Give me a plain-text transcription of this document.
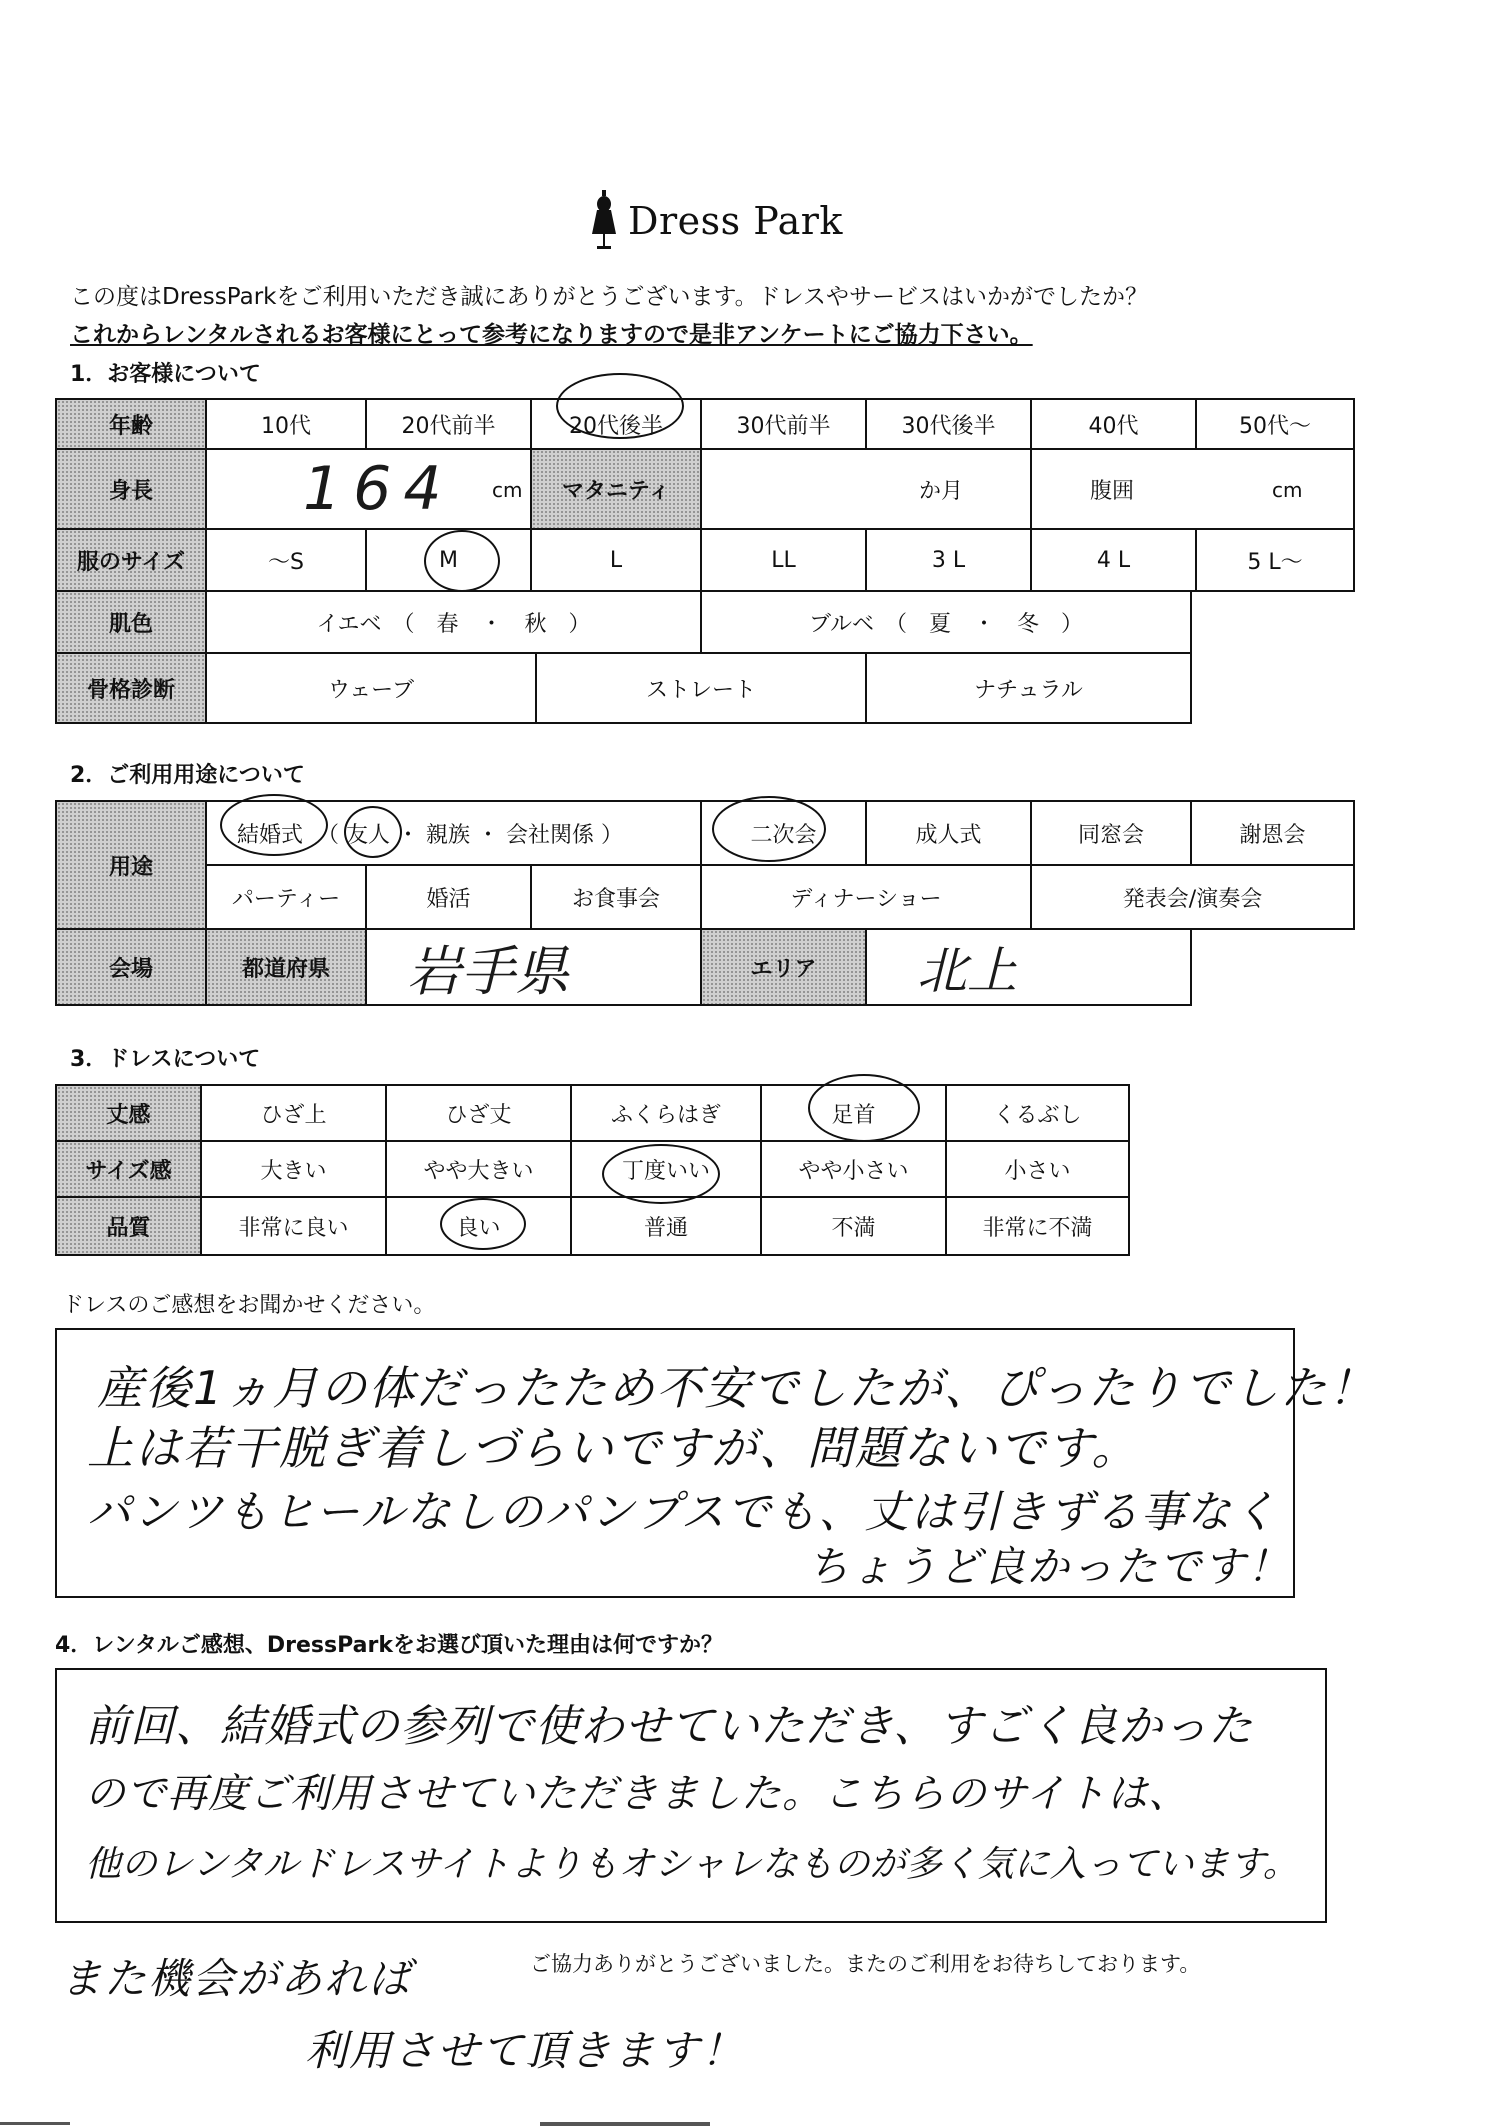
Dress Park
この度はDressParkをご利用いただき誠にありがとうございます。ドレスやサービスはいかがでしたか？
これからレンタルされるお客様にとって参考になりますので是非アンケートにご協力下さい。
1．お客様について
年齢	10代	20代前半	20代後半	30代前半	30代後半	40代	50代～
身長	164 cm	マタニティ	か月	腹囲	cm
服のサイズ	～S	M	L	LL	3 L	4 L	5 L～
肌色	イエベ　（　春　・　秋　）	ブルベ　（　夏　・　冬　）
骨格診断	ウェーブ	ストレート	ナチュラル
2．ご利用用途について
用途
結婚式 （ 友人 ・ 親族 ・ 会社関係 ）	二次会	成人式	同窓会	謝恩会
パーティー	婚活	お食事会	ディナーショー	発表会/演奏会
会場	都道府県	岩手県	エリア	北上
3．ドレスについて
丈感	ひざ上	ひざ丈	ふくらはぎ	足首	くるぶし
サイズ感	大きい	やや大きい	丁度いい	やや小さい	小さい
品質	非常に良い	良い	普通	不満	非常に不満
ドレスのご感想をお聞かせください。
産後1ヵ月の体だったため不安でしたが、ぴったりでした！
上は若干脱ぎ着しづらいですが、問題ないです。
パンツもヒールなしのパンプスでも、丈は引きずる事なく
ちょうど良かったです！
4．レンタルご感想、DressParkをお選び頂いた理由は何ですか？
前回、結婚式の参列で使わせていただき、すごく良かった
ので再度ご利用させていただきました。こちらのサイトは、
他のレンタルドレスサイトよりもオシャレなものが多く気に入っています。
また機会があれば
利用させて頂きます！
ご協力ありがとうございました。またのご利用をお待ちしております。
